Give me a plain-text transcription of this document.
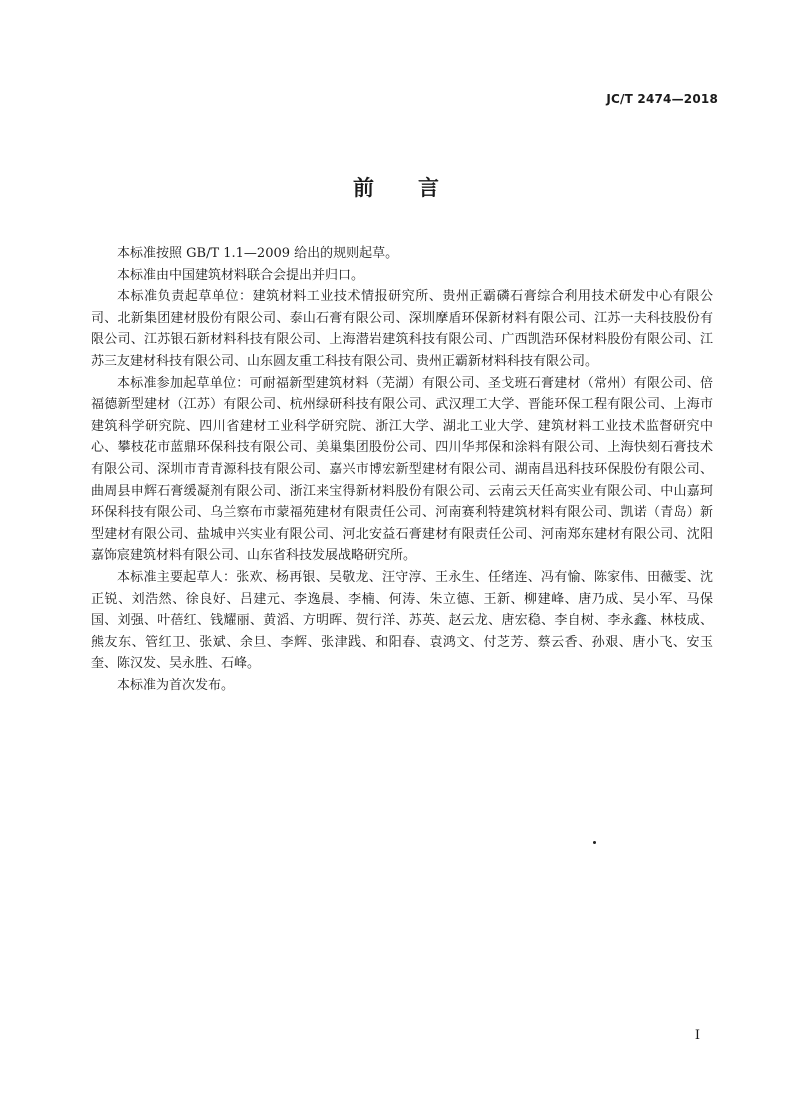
JC/T 2474—2018

前言

本标准按照 GB/T 1.1—2009 给出的规则起草。

本标准由中国建筑材料联合会提出并归口。

本标准负责起草单位：建筑材料工业技术情报研究所、贵州正霸磷石膏综合利用技术研发中心有限公司、北新集团建材股份有限公司、泰山石膏有限公司、深圳摩盾环保新材料有限公司、江苏一夫科技股份有限公司、江苏银石新材料科技有限公司、上海潜岩建筑科技有限公司、广西凯浩环保材料股份有限公司、江苏三友建材科技有限公司、山东圆友重工科技有限公司、贵州正霸新材料科技有限公司。

本标准参加起草单位：可耐福新型建筑材料（芜湖）有限公司、圣戈班石膏建材（常州）有限公司、倍福德新型建材（江苏）有限公司、杭州绿研科技有限公司、武汉理工大学、晋能环保工程有限公司、上海市建筑科学研究院、四川省建材工业科学研究院、浙江大学、湖北工业大学、建筑材料工业技术监督研究中心、攀枝花市蓝鼎环保科技有限公司、美巢集团股份公司、四川华邦保和涂料有限公司、上海快刻石膏技术有限公司、深圳市青青源科技有限公司、嘉兴市博宏新型建材有限公司、湖南昌迅科技环保股份有限公司、曲周县申辉石膏缓凝剂有限公司、浙江来宝得新材料股份有限公司、云南云天任高实业有限公司、中山嘉珂环保科技有限公司、乌兰察布市蒙福苑建材有限责任公司、河南赛利特建筑材料有限公司、凯诺（青岛）新型建材有限公司、盐城申兴实业有限公司、河北安益石膏建材有限责任公司、河南郑东建材有限公司、沈阳嘉饰宸建筑材料有限公司、山东省科技发展战略研究所。

本标准主要起草人：张欢、杨再银、吴敬龙、汪守淳、王永生、任绪连、冯有愉、陈家伟、田薇雯、沈正锐、刘浩然、徐良好、吕建元、李逸晨、李楠、何涛、朱立德、王新、柳建峰、唐乃成、吴小军、马保国、刘强、叶蓓红、钱耀丽、黄滔、方明晖、贺行洋、苏英、赵云龙、唐宏稳、李自树、李永鑫、林枝成、熊友东、管红卫、张斌、余旦、李辉、张津践、和阳春、袁鸿文、付芝芳、蔡云香、孙艰、唐小飞、安玉奎、陈汉发、吴永胜、石峰。

本标准为首次发布。

I
